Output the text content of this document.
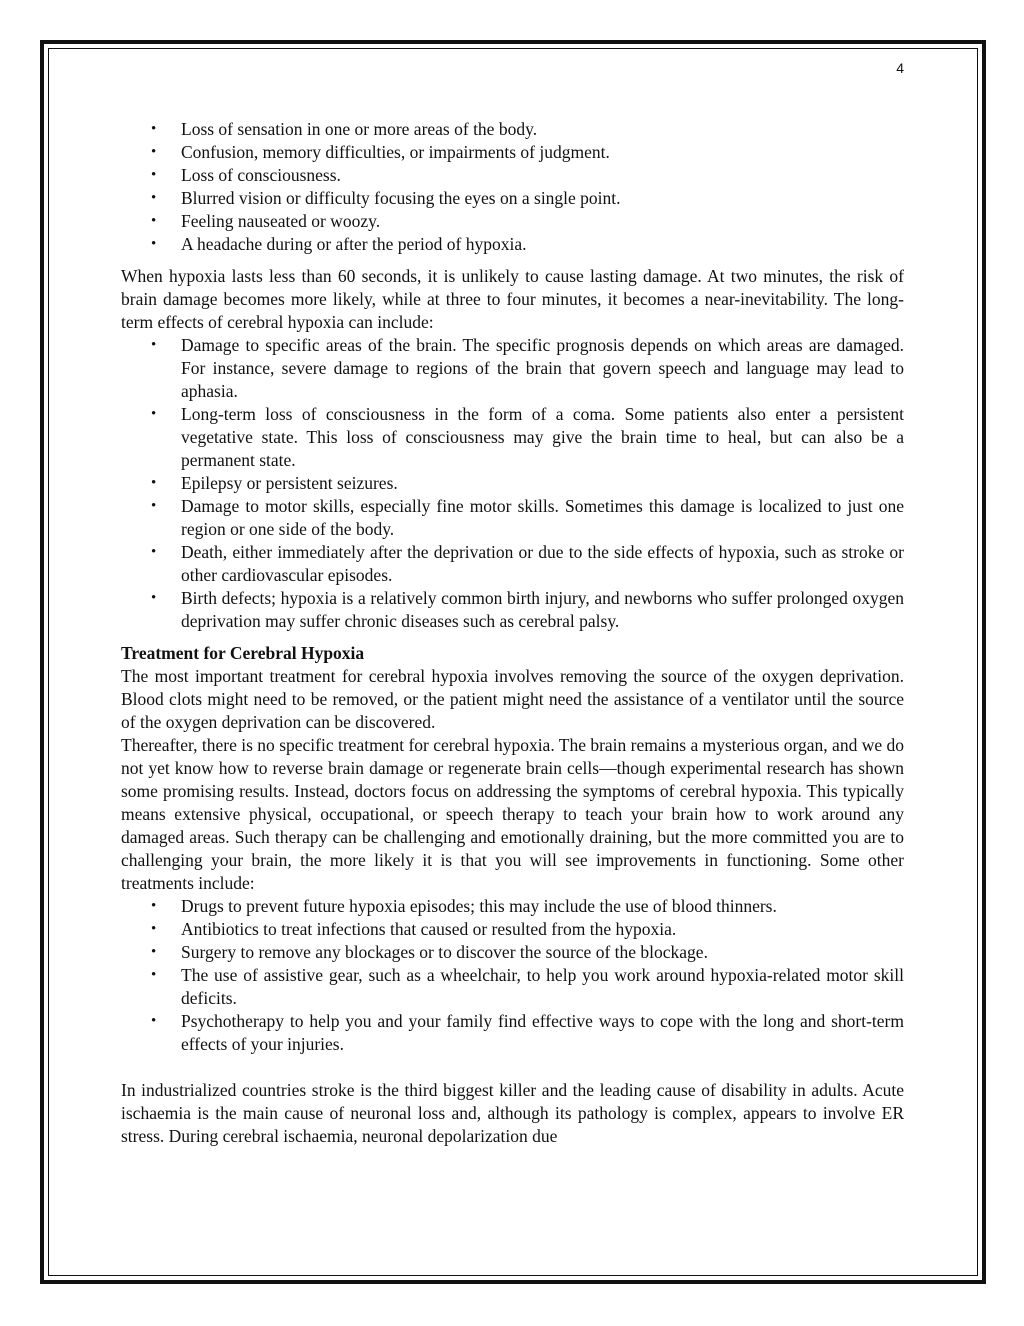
4
• Loss of sensation in one or more areas of the body.
• Confusion, memory difficulties, or impairments of judgment.
• Loss of consciousness.
• Blurred vision or difficulty focusing the eyes on a single point.
• Feeling nauseated or woozy.
• A headache during or after the period of hypoxia.

When hypoxia lasts less than 60 seconds, it is unlikely to cause lasting damage. At two minutes, the risk of brain damage becomes more likely, while at three to four minutes, it becomes a near-inevitability. The long-term effects of cerebral hypoxia can include:

• Damage to specific areas of the brain. The specific prognosis depends on which areas are damaged. For instance, severe damage to regions of the brain that govern speech and language may lead to aphasia.
• Long-term loss of consciousness in the form of a coma. Some patients also enter a persistent vegetative state. This loss of consciousness may give the brain time to heal, but can also be a permanent state.
• Epilepsy or persistent seizures.
• Damage to motor skills, especially fine motor skills. Sometimes this damage is localized to just one region or one side of the body.
• Death, either immediately after the deprivation or due to the side effects of hypoxia, such as stroke or other cardiovascular episodes.
• Birth defects; hypoxia is a relatively common birth injury, and newborns who suffer prolonged oxygen deprivation may suffer chronic diseases such as cerebral palsy.
Treatment for Cerebral Hypoxia

The most important treatment for cerebral hypoxia involves removing the source of the oxygen deprivation. Blood clots might need to be removed, or the patient might need the assistance of a ventilator until the source of the oxygen deprivation can be discovered.

Thereafter, there is no specific treatment for cerebral hypoxia. The brain remains a mysterious organ, and we do not yet know how to reverse brain damage or regenerate brain cells—though experimental research has shown some promising results. Instead, doctors focus on addressing the symptoms of cerebral hypoxia. This typically means extensive physical, occupational, or speech therapy to teach your brain how to work around any damaged areas. Such therapy can be challenging and emotionally draining, but the more committed you are to challenging your brain, the more likely it is that you will see improvements in functioning. Some other treatments include:

• Drugs to prevent future hypoxia episodes; this may include the use of blood thinners.
• Antibiotics to treat infections that caused or resulted from the hypoxia.
• Surgery to remove any blockages or to discover the source of the blockage.
• The use of assistive gear, such as a wheelchair, to help you work around hypoxia-related motor skill deficits.
• Psychotherapy to help you and your family find effective ways to cope with the long and short-term effects of your injuries.

In industrialized countries stroke is the third biggest killer and the leading cause of disability in adults. Acute ischaemia is the main cause of neuronal loss and, although its pathology is complex, appears to involve ER stress. During cerebral ischaemia, neuronal depolarization due
